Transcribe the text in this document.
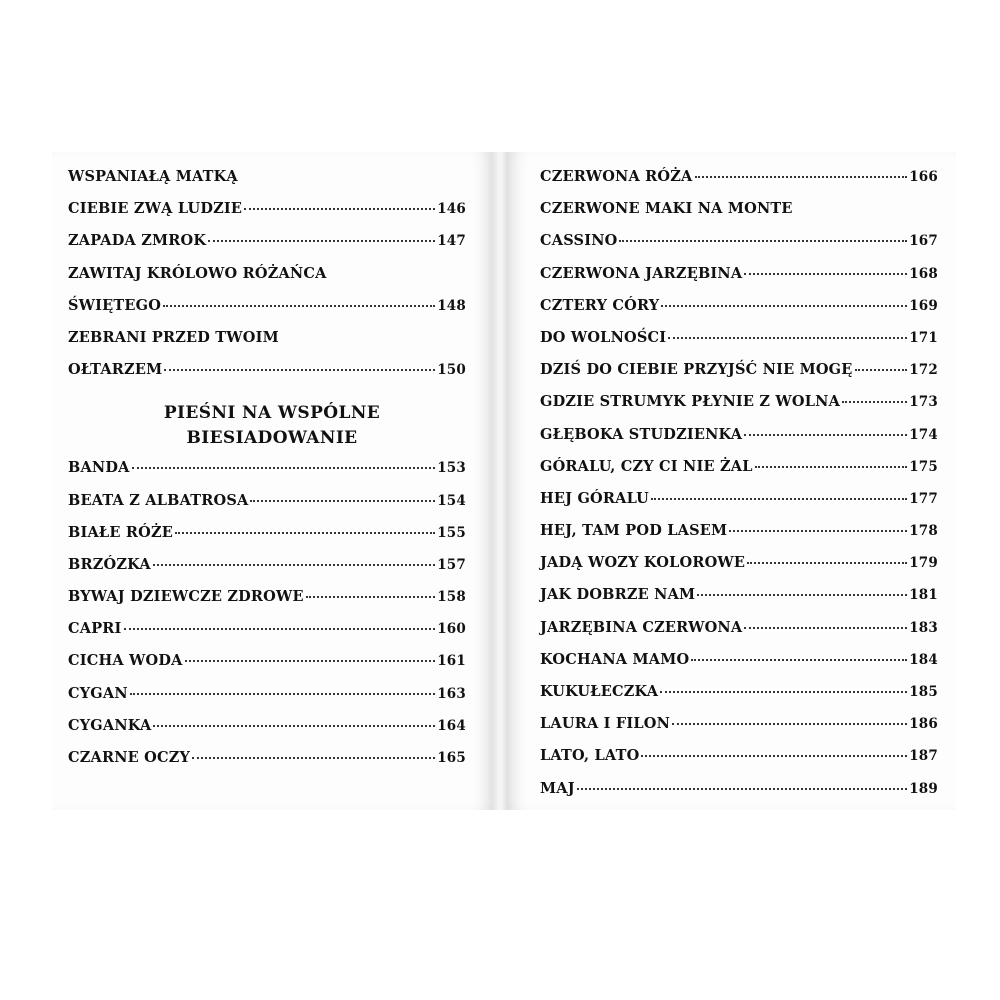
WSPANIAŁĄ MATKĄ
CIEBIE ZWĄ LUDZIE	146
ZAPADA ZMROK	147
ZAWITAJ KRÓLOWO RÓŻAŃCA
ŚWIĘTEGO	148
ZEBRANI PRZED TWOIM
OŁTARZEM	150
PIEŚNI NA WSPÓLNE
BIESIADOWANIE
BANDA	153
BEATA Z ALBATROSA	154
BIAŁE RÓŻE	155
BRZÓZKA	157
BYWAJ DZIEWCZE ZDROWE	158
CAPRI	160
CICHA WODA	161
CYGAN	163
CYGANKA	164
CZARNE OCZY	165
CZERWONA RÓŻA	166
CZERWONE MAKI NA MONTE
CASSINO	167
CZERWONA JARZĘBINA	168
CZTERY CÓRY	169
DO WOLNOŚCI	171
DZIŚ DO CIEBIE PRZYJŚĆ NIE MOGĘ	172
GDZIE STRUMYK PŁYNIE Z WOLNA	173
GŁĘBOKA STUDZIENKA	174
GÓRALU, CZY CI NIE ŻAL	175
HEJ GÓRALU	177
HEJ, TAM POD LASEM	178
JADĄ WOZY KOLOROWE	179
JAK DOBRZE NAM	181
JARZĘBINA CZERWONA	183
KOCHANA MAMO	184
KUKUŁECZKA	185
LAURA I FILON	186
LATO, LATO	187
MAJ	189
